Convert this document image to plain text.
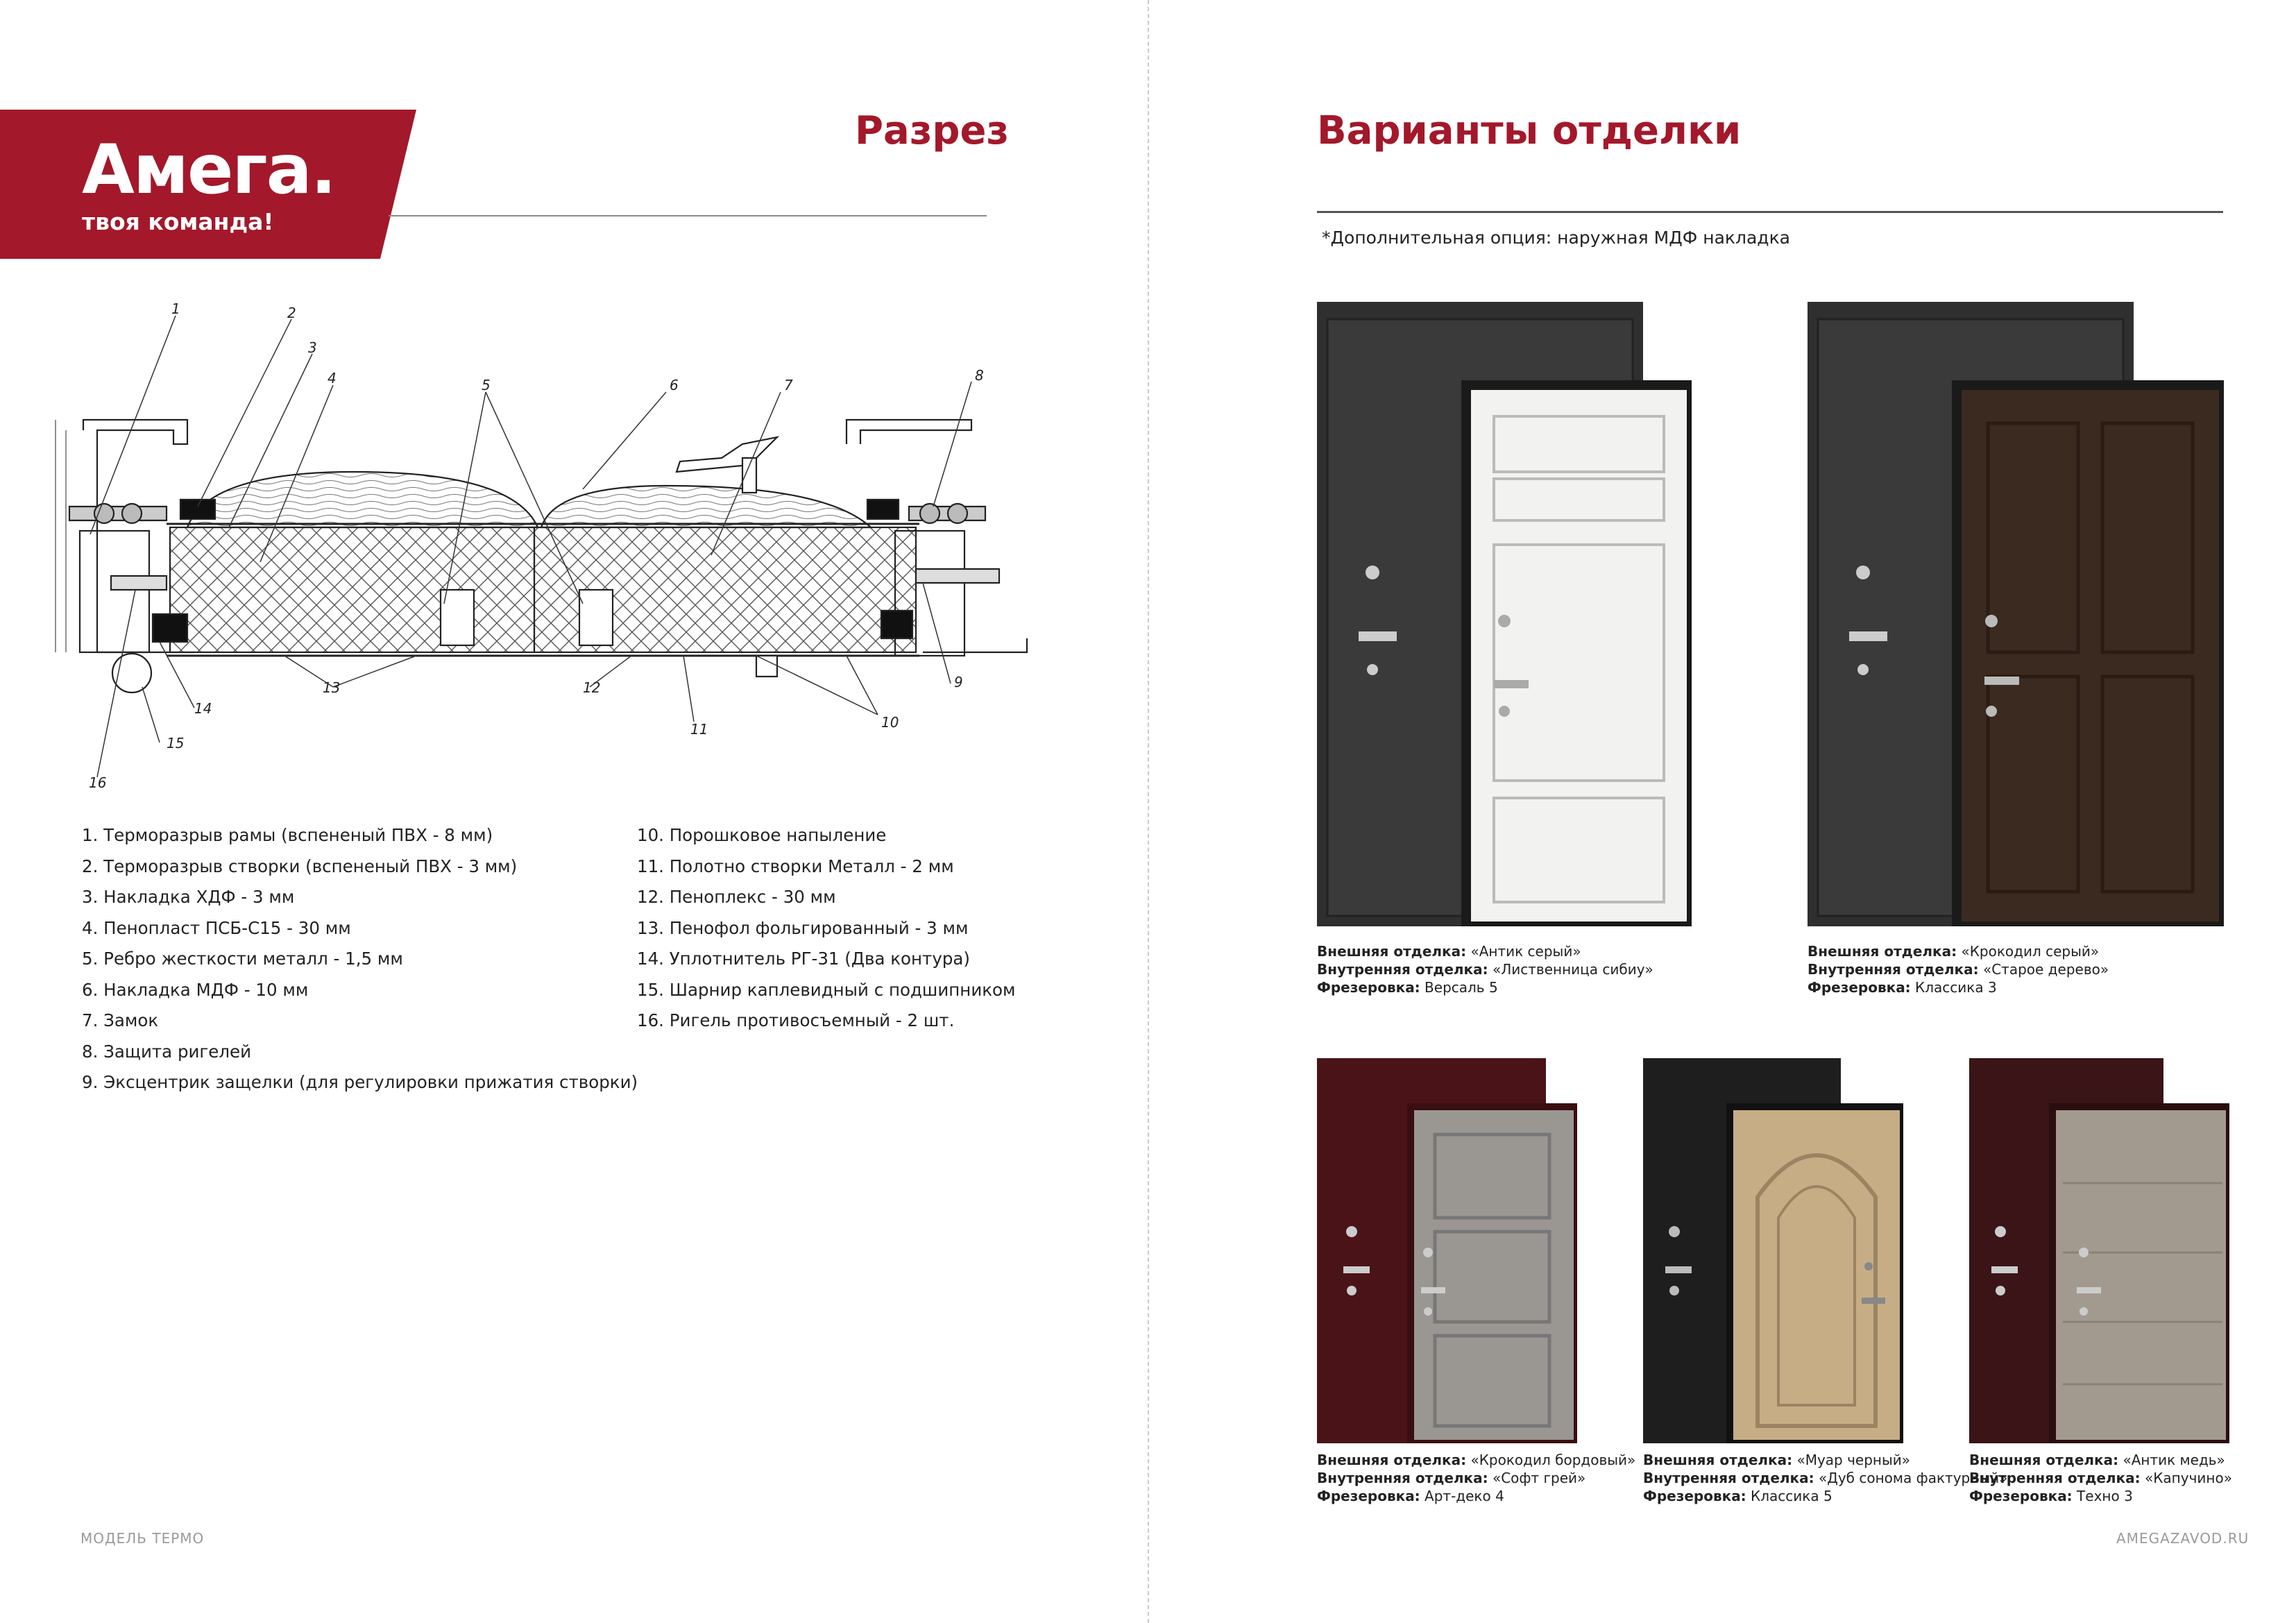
Амега.
твоя команда!
Разрез
1	2
3
4	5	6	7
8
9
10
11
12
13
14
15
16
1. Терморазрыв рамы (вспененый ПВХ - 8 мм)
2. Терморазрыв створки (вспененый ПВХ - 3 мм)
3. Накладка ХДФ - 3 мм
4. Пенопласт ПСБ-С15 - 30 мм
5. Ребро жесткости металл - 1,5 мм
6. Накладка МДФ - 10 мм
7. Замок
8. Защита ригелей
9. Эксцентрик защелки (для регулировки прижатия створки)
10. Порошковое напыление
11. Полотно створки Металл - 2 мм
12. Пеноплекс - 30 мм
13. Пенофол фольгированный - 3 мм
14. Уплотнитель РГ-31 (Два контура)
15. Шарнир каплевидный с подшипником
16. Ригель противосъемный - 2 шт.
МОДЕЛЬ ТЕРМО
Варианты отделки
*Дополнительная опция: наружная МДФ накладка
Внешняя отделка: «Антик серый»
Внутренняя отделка: «Лиственница сибиу»
Фрезеровка: Версаль 5
Внешняя отделка: «Крокодил серый»
Внутренняя отделка: «Старое дерево»
Фрезеровка: Классика 3
Внешняя отделка: «Крокодил бордовый»
Внутренняя отделка: «Софт грей»
Фрезеровка: Арт-деко 4
Внешняя отделка: «Муар черный»
Внутренняя отделка: «Дуб сонома фактурный»
Фрезеровка: Классика 5
Внешняя отделка: «Антик медь»
Внутренняя отделка: «Капучино»
Фрезеровка: Техно 3
AMEGAZAVOD.RU
